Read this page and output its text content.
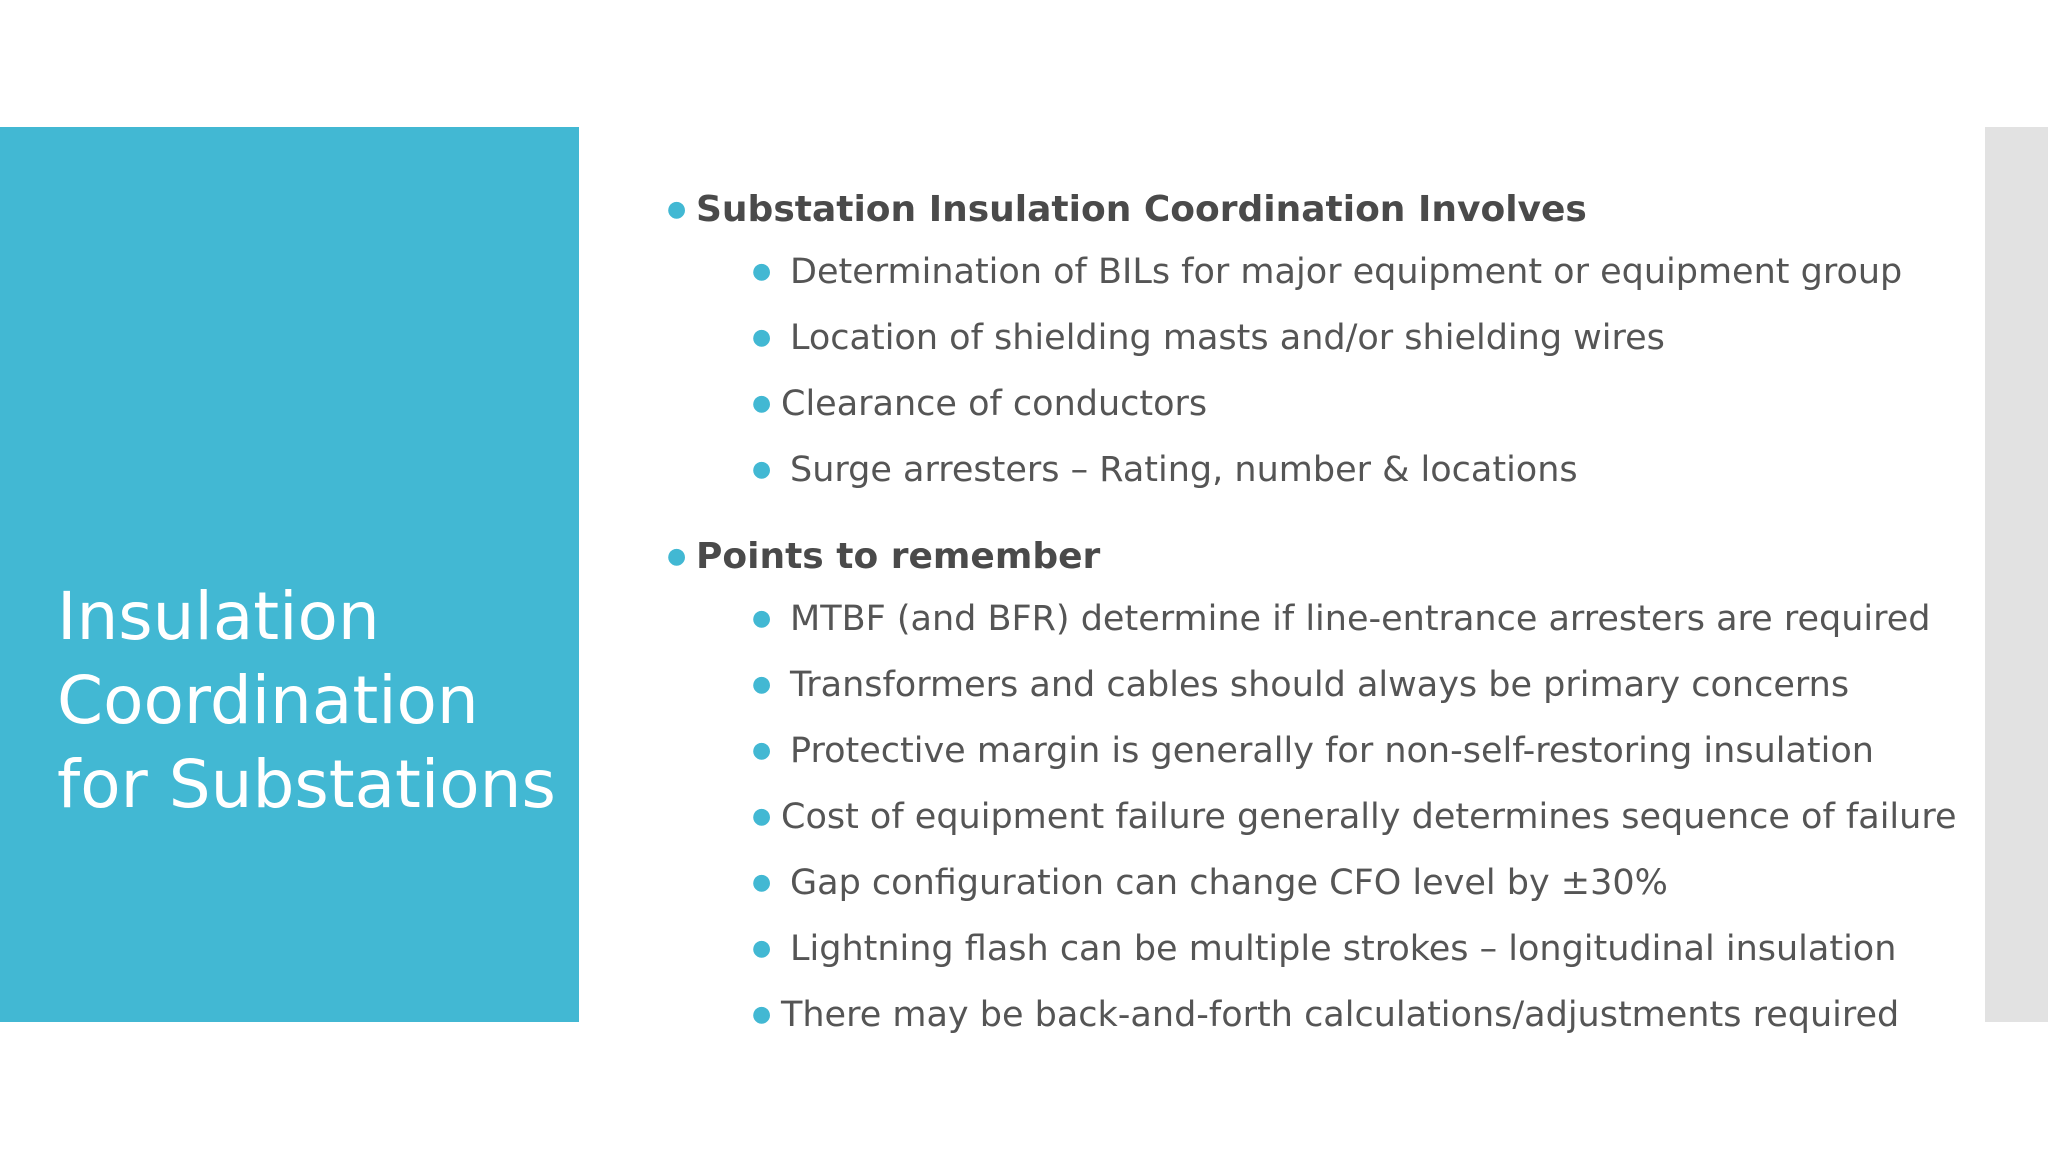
Insulation Coordination for Substations
● Substation Insulation Coordination Involves
● Determination of BILs for major equipment or equipment group
● Location of shielding masts and/or shielding wires
● Clearance of conductors
● Surge arresters – Rating, number & locations
● Points to remember
● MTBF (and BFR) determine if line-entrance arresters are required
● Transformers and cables should always be primary concerns
● Protective margin is generally for non-self-restoring insulation
● Cost of equipment failure generally determines sequence of failure
● Gap configuration can change CFO level by ±30%
● Lightning flash can be multiple strokes – longitudinal insulation
● There may be back-and-forth calculations/adjustments required
